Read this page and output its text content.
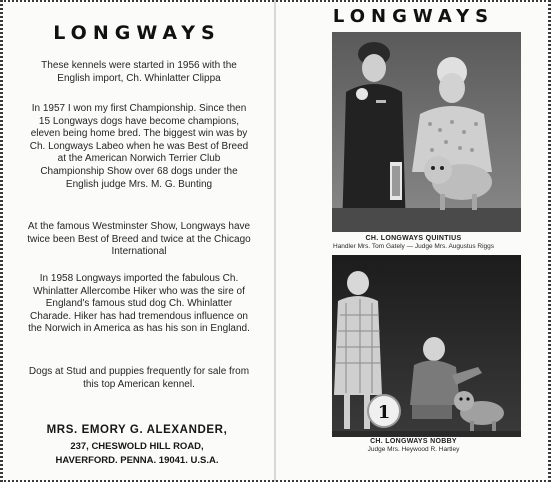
LONGWAYS

These kennels were started in 1956 with the English import, Ch. Whinlatter Clippa

In 1957 I won my first Championship. Since then 15 Longways dogs have become champions, eleven being home bred. The biggest win was by Ch. Longways Labeo when he was Best of Breed at the American Norwich Terrier Club Championship Show over 68 dogs under the English judge Mrs. M. G. Bunting

At the famous Westminster Show, Longways have twice been Best of Breed and twice at the Chicago International

In 1958 Longways imported the fabulous Ch. Whinlatter Allercombe Hiker who was the sire of England's famous stud dog Ch. Whinlatter Charade. Hiker has had tremendous influence on the Norwich in America as has his son in England.

Dogs at Stud and puppies frequently for sale from this top American kennel.

MRS. EMORY G. ALEXANDER,

237, CHESWOLD HILL ROAD,

HAVERFORD. PENNA. 19041. U.S.A.

LONGWAYS

CH. LONGWAYS QUINTIUS

Handler Mrs. Tom Gately — Judge Mrs. Augustus Riggs

1

CH. LONGWAYS NOBBY

Judge Mrs. Heywood R. Hartley
